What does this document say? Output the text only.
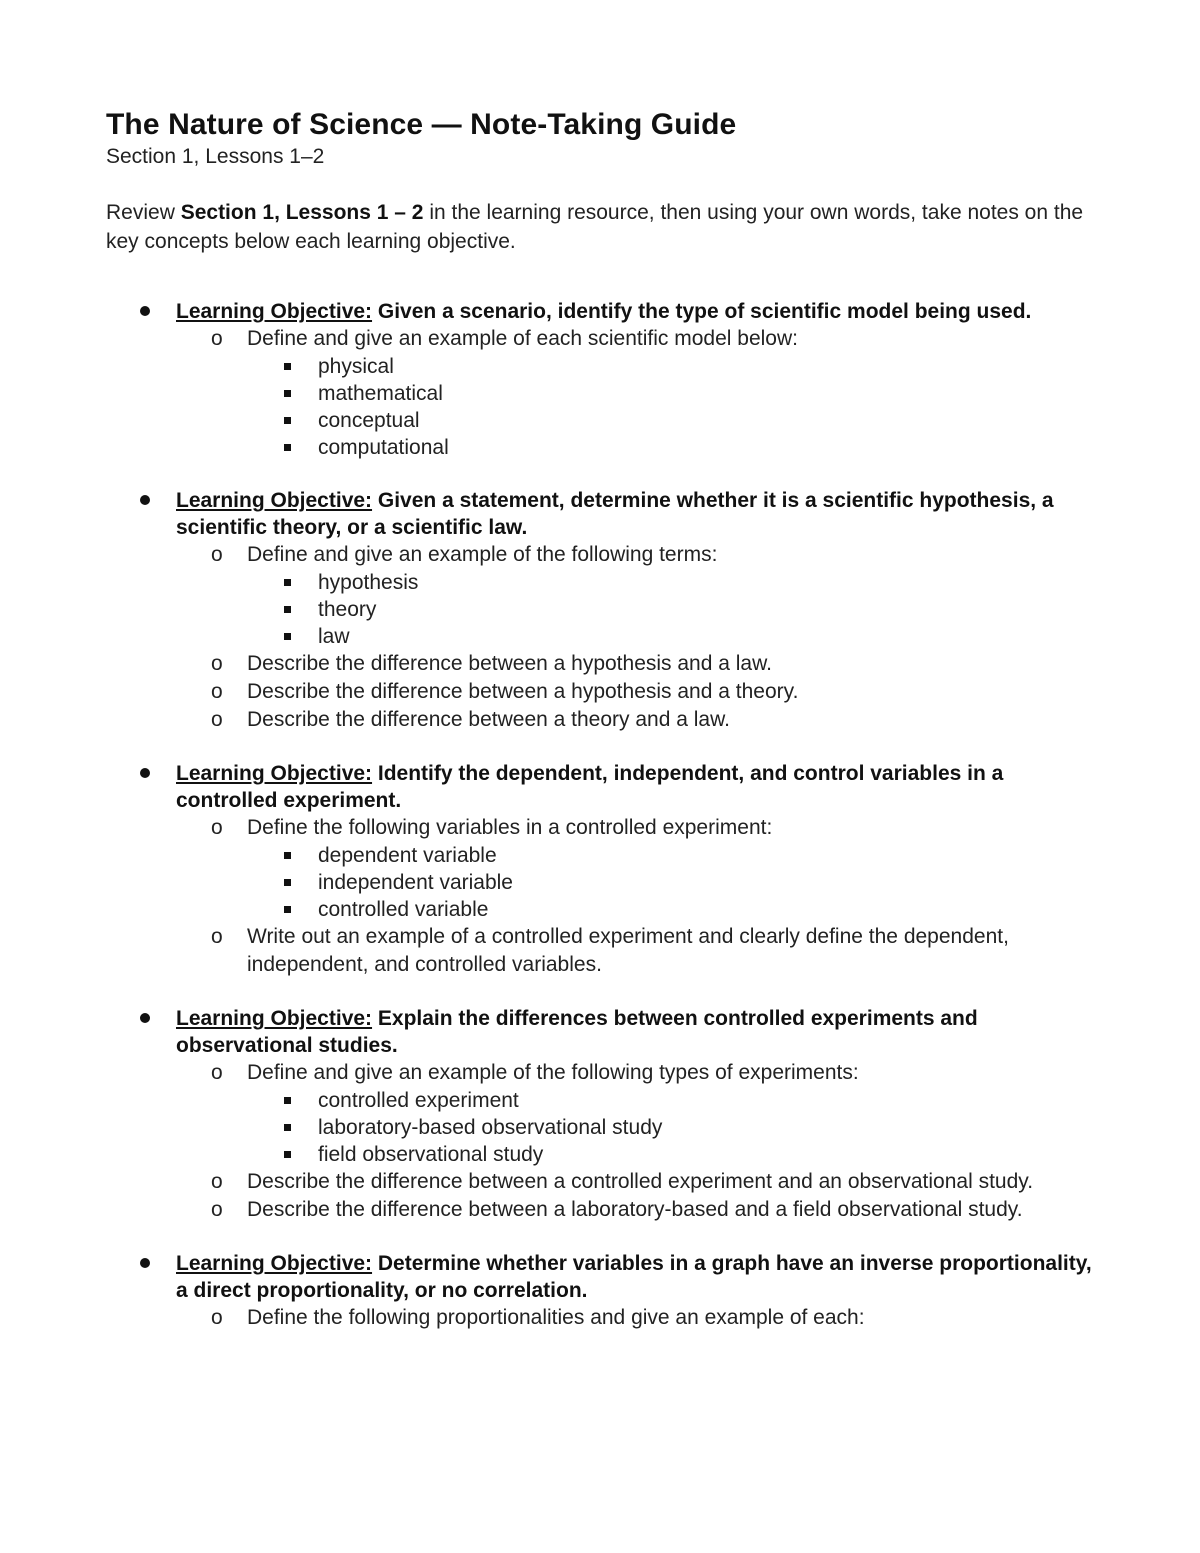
The Nature of Science — Note-Taking Guide
Section 1, Lessons 1–2
Review Section 1, Lessons 1 – 2 in the learning resource, then using your own words, take notes on the key concepts below each learning objective.
Learning Objective: Given a scenario, identify the type of scientific model being used.
o Define and give an example of each scientific model below:
physical
mathematical
conceptual
computational
Learning Objective: Given a statement, determine whether it is a scientific hypothesis, a scientific theory, or a scientific law.
o Define and give an example of the following terms:
hypothesis
theory
law
o Describe the difference between a hypothesis and a law.
o Describe the difference between a hypothesis and a theory.
o Describe the difference between a theory and a law.
Learning Objective: Identify the dependent, independent, and control variables in a controlled experiment.
o Define the following variables in a controlled experiment:
dependent variable
independent variable
controlled variable
o Write out an example of a controlled experiment and clearly define the dependent, independent, and controlled variables.
Learning Objective: Explain the differences between controlled experiments and observational studies.
o Define and give an example of the following types of experiments:
controlled experiment
laboratory-based observational study
field observational study
o Describe the difference between a controlled experiment and an observational study.
o Describe the difference between a laboratory-based and a field observational study.
Learning Objective: Determine whether variables in a graph have an inverse proportionality, a direct proportionality, or no correlation.
o Define the following proportionalities and give an example of each:
